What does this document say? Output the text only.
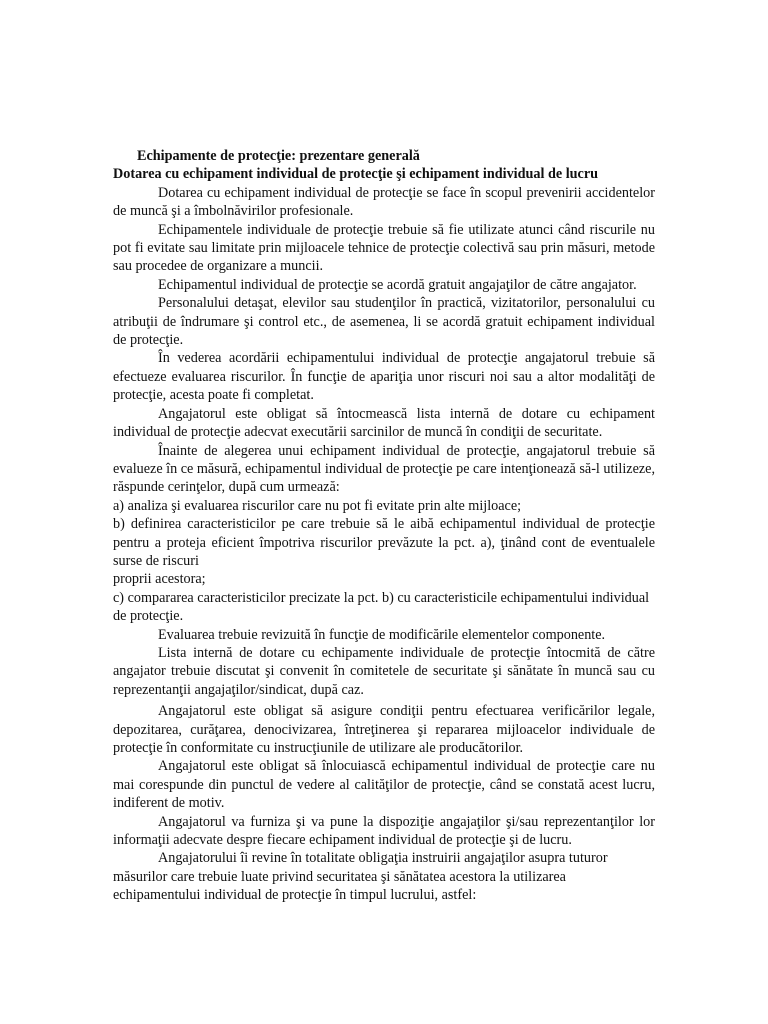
Echipamente de protecţie: prezentare generală

Dotarea cu echipament individual de protecţie şi echipament individual de lucru

Dotarea cu echipament individual de protecţie se face în scopul prevenirii accidentelor de muncă şi a îmbolnăvirilor profesionale.

Echipamentele individuale de protecţie trebuie să fie utilizate atunci când riscurile nu pot fi evitate sau limitate prin mijloacele tehnice de protecţie colectivă sau prin măsuri, metode sau procedee de organizare a muncii.

Echipamentul individual de protecţie se acordă gratuit angajaţilor de către angajator.

Personalului detaşat, elevilor sau studenţilor în practică, vizitatorilor, personalului cu atribuţii de îndrumare şi control etc., de asemenea, li se acordă gratuit echipament individual de protecţie.

În vederea acordării echipamentului individual de protecţie angajatorul trebuie să efectueze evaluarea riscurilor. În funcţie de apariţia unor riscuri noi sau a altor modalităţi de protecţie, acesta poate fi completat.

Angajatorul este obligat să întocmească lista internă de dotare cu echipament individual de protecţie adecvat executării sarcinilor de muncă în condiţii de securitate.

Înainte de alegerea unui echipament individual de protecţie, angajatorul trebuie să evalueze în ce măsură, echipamentul individual de protecţie pe care intenţionează să-l utilizeze, răspunde cerinţelor, după cum urmează:

a) analiza şi evaluarea riscurilor care nu pot fi evitate prin alte mijloace;

b) definirea caracteristicilor pe care trebuie să le aibă echipamentul individual de protecţie pentru a proteja eficient împotriva riscurilor prevăzute la pct. a), ţinând cont de eventualele surse de riscuri

proprii acestora;

c) compararea caracteristicilor precizate la pct. b) cu caracteristicile echipamentului individual de protecţie.

Evaluarea trebuie revizuită în funcţie de modificările elementelor componente.

Lista internă de dotare cu echipamente individuale de protecţie întocmită de către angajator trebuie discutat şi convenit în comitetele de securitate şi sănătate în muncă sau cu reprezentanţii angajaţilor/sindicat, după caz.

Angajatorul este obligat să asigure condiţii pentru efectuarea verificărilor legale, depozitarea, curăţarea, denocivizarea, întreţinerea şi repararea mijloacelor individuale de protecţie în conformitate cu instrucţiunile de utilizare ale producătorilor.

Angajatorul este obligat să înlocuiască echipamentul individual de protecţie care nu mai corespunde din punctul de vedere al calităţilor de protecţie, când se constată acest lucru, indiferent de motiv.

Angajatorul va furniza şi va pune la dispoziţie angajaţilor şi/sau reprezentanţilor lor informaţii adecvate despre fiecare echipament individual de protecţie şi de lucru.

Angajatorului îi revine în totalitate obligaţia instruirii angajaţilor asupra tuturor măsurilor care trebuie luate privind securitatea şi sănătatea acestora la utilizarea echipamentului individual de protecţie în timpul lucrului, astfel:
